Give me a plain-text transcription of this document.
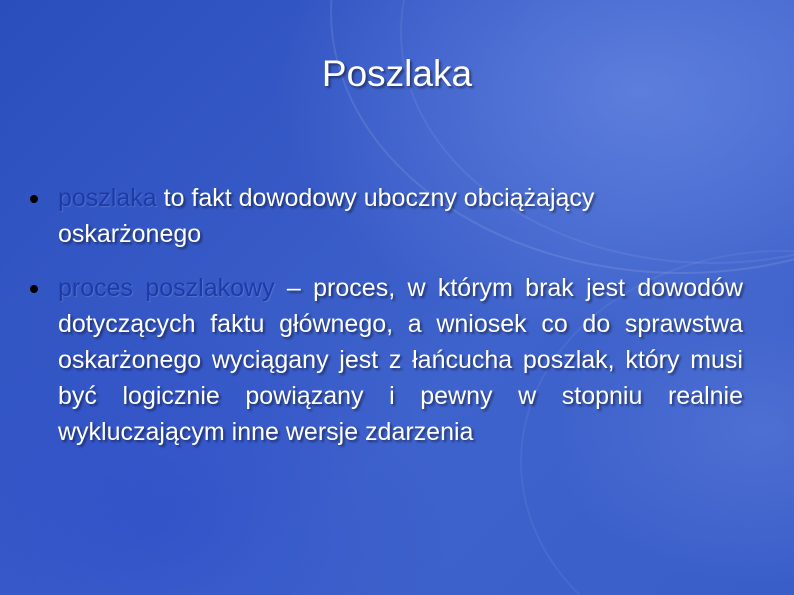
Poszlaka
poszlaka to fakt dowodowy uboczny obciążający oskarżonego
proces poszlakowy – proces, w którym brak jest dowodów dotyczących faktu głównego, a wniosek co do sprawstwa oskarżonego wyciągany jest z łańcucha poszlak, który musi być logicznie powiązany i pewny w stopniu realnie wykluczającym inne wersje zdarzenia
